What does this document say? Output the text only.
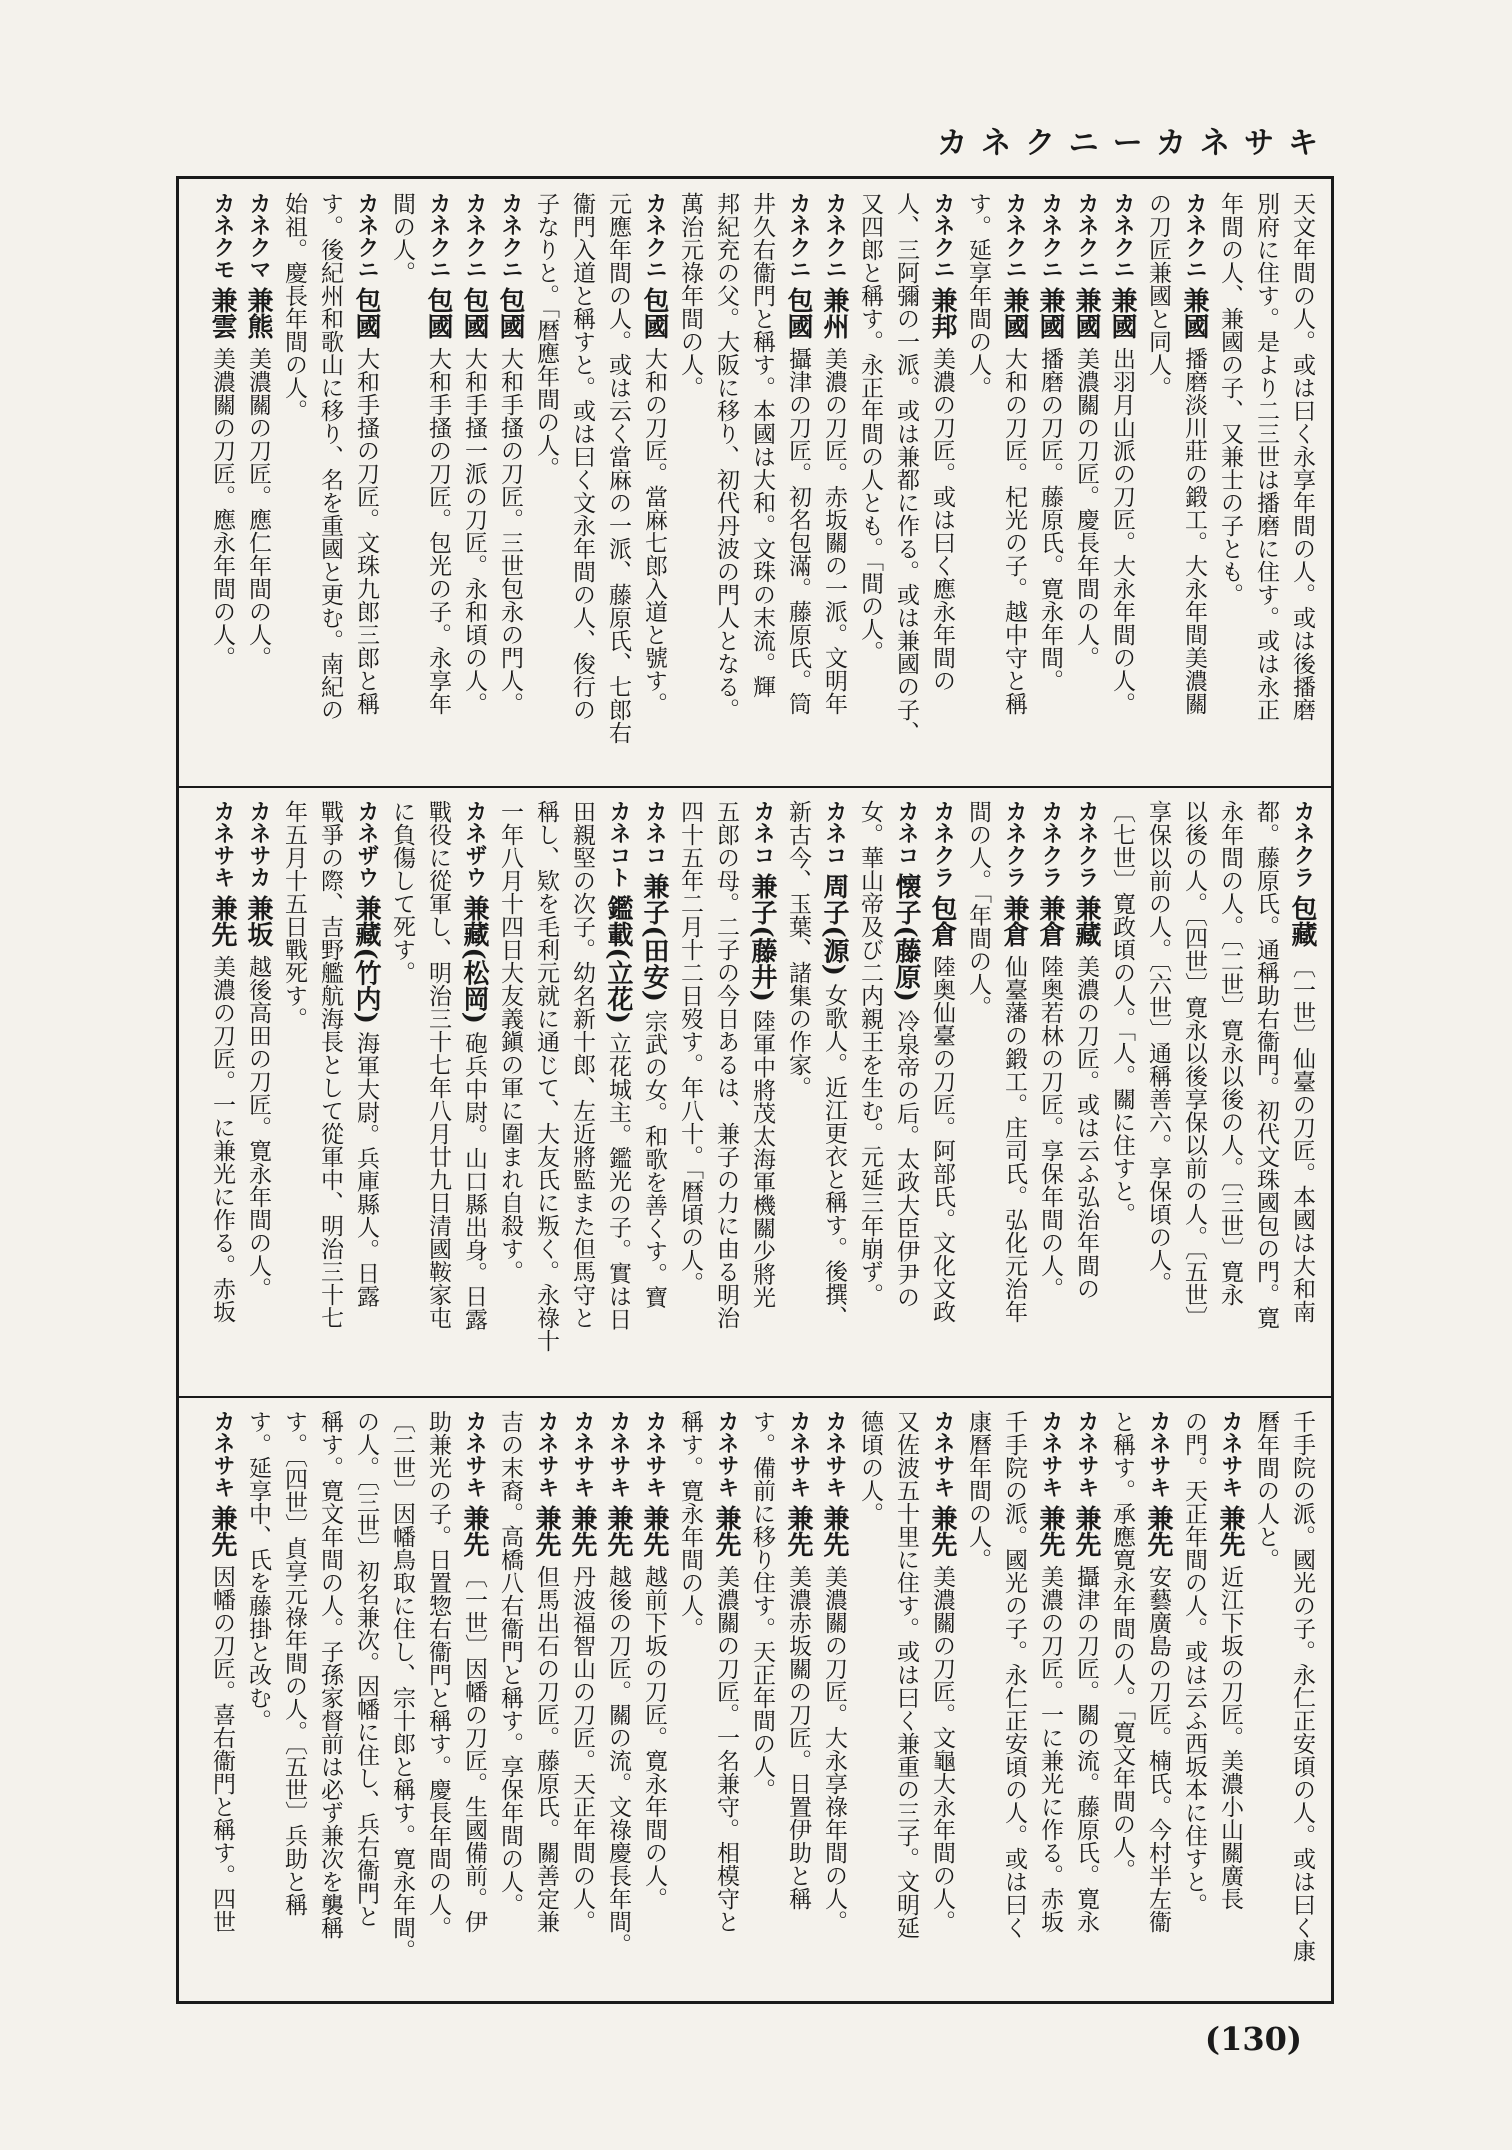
カネクニーカネサキ
天文年間の人。或は曰く永享年間の人。或は後播磨
別府に住す。是より二三世は播磨に住す。或は永正
年間の人、兼國の子、又兼士の子とも。
カネクニ 兼國 播磨淡川莊の鍛工。大永年間美濃關
の刀匠兼國と同人。
カネクニ 兼國 出羽月山派の刀匠。大永年間の人。
カネクニ 兼國 美濃關の刀匠。慶長年間の人。
カネクニ 兼國 播磨の刀匠。藤原氏。寛永年間。
カネクニ 兼國 大和の刀匠。杞光の子。越中守と稱
す。延享年間の人。
カネクニ 兼邦 美濃の刀匠。或は曰く應永年間の
人、三阿彌の一派。或は兼都に作る。或は兼國の子、
又四郎と稱す。永正年間の人とも。「間の人。
カネクニ 兼州 美濃の刀匠。赤坂關の一派。文明年
カネクニ 包國 攝津の刀匠。初名包滿。藤原氏。筒
井久右衞門と稱す。本國は大和。文珠の末流。輝
邦紀充の父。大阪に移り、初代丹波の門人となる。
萬治元祿年間の人。
カネクニ 包國 大和の刀匠。當麻七郎入道と號す。
元應年間の人。或は云く當麻の一派、藤原氏、七郎右
衞門入道と稱すと。或は曰く文永年間の人、俊行の
子なりと。「暦應年間の人。
カネクニ 包國 大和手搔の刀匠。三世包永の門人。
カネクニ 包國 大和手搔一派の刀匠。永和頃の人。
カネクニ 包國 大和手搔の刀匠。包光の子。永享年
間の人。
カネクニ 包國 大和手搔の刀匠。文珠九郎三郎と稱
す。後紀州和歌山に移り、名を重國と更む。南紀の
始祖。慶長年間の人。
カネクマ 兼熊 美濃關の刀匠。應仁年間の人。
カネクモ 兼雲 美濃關の刀匠。應永年間の人。
カネクラ 包藏 〔一世〕仙臺の刀匠。本國は大和南
都。藤原氏。通稱助右衞門。初代文珠國包の門。寛
永年間の人。〔二世〕寛永以後の人。〔三世〕寛永
以後の人。〔四世〕寛永以後享保以前の人。〔五世〕
享保以前の人。〔六世〕通稱善六。享保頃の人。
〔七世〕寛政頃の人。「人。關に住すと。
カネクラ 兼藏 美濃の刀匠。或は云ふ弘治年間の
カネクラ 兼倉 陸奥若林の刀匠。享保年間の人。
カネクラ 兼倉 仙臺藩の鍛工。庄司氏。弘化元治年
間の人。「年間の人。
カネクラ 包倉 陸奥仙臺の刀匠。阿部氏。文化文政
カネコ 懐子(藤原) 冷泉帝の后。太政大臣伊尹の
女。華山帝及び二内親王を生む。元延三年崩ず。
カネコ 周子(源) 女歌人。近江更衣と稱す。後撰、
新古今、玉葉、諸集の作家。
カネコ 兼子(藤井) 陸軍中將茂太海軍機關少將光
五郎の母。二子の今日あるは、兼子の力に由る明治
四十五年二月十二日歿す。年八十。「暦頃の人。
カネコ 兼子(田安) 宗武の女。和歌を善くす。寶
カネコト 鑑載(立花) 立花城主。鑑光の子。實は日
田親堅の次子。幼名新十郎、左近將監また但馬守と
稱し、欵を毛利元就に通じて、大友氏に叛く。永祿十
一年八月十四日大友義鎭の軍に圍まれ自殺す。
カネザウ 兼藏(松岡) 砲兵中尉。山口縣出身。日露
戰役に從軍し、明治三十七年八月廿九日清國鞍家屯
に負傷して死す。
カネザウ 兼藏(竹内) 海軍大尉。兵庫縣人。日露
戰爭の際、吉野艦航海長として從軍中、明治三十七
年五月十五日戰死す。
カネサカ 兼坂 越後高田の刀匠。寛永年間の人。
カネサキ 兼先 美濃の刀匠。一に兼光に作る。赤坂
千手院の派。國光の子。永仁正安頃の人。或は曰く康
曆年間の人と。
カネサキ 兼先 近江下坂の刀匠。美濃小山關廣長
の門。天正年間の人。或は云ふ西坂本に住すと。
カネサキ 兼先 安藝廣島の刀匠。楠氏。今村半左衞
と稱す。承應寛永年間の人。「寛文年間の人。
カネサキ 兼先 攝津の刀匠。關の流。藤原氏。寛永
カネサキ 兼先 美濃の刀匠。一に兼光に作る。赤坂
千手院の派。國光の子。永仁正安頃の人。或は曰く
康曆年間の人。
カネサキ 兼先 美濃關の刀匠。文龜大永年間の人。
又佐波五十里に住す。或は曰く兼重の三子。文明延
德頃の人。
カネサキ 兼先 美濃關の刀匠。大永享祿年間の人。
カネサキ 兼先 美濃赤坂關の刀匠。日置伊助と稱
す。備前に移り住す。天正年間の人。
カネサキ 兼先 美濃關の刀匠。一名兼守。相模守と
稱す。寛永年間の人。
カネサキ 兼先 越前下坂の刀匠。寛永年間の人。
カネサキ 兼先 越後の刀匠。關の流。文祿慶長年間。
カネサキ 兼先 丹波福智山の刀匠。天正年間の人。
カネサキ 兼先 但馬出石の刀匠。藤原氏。關善定兼
吉の末裔。高橋八右衞門と稱す。享保年間の人。
カネサキ 兼先 〔一世〕因幡の刀匠。生國備前。伊
助兼光の子。日置惣右衞門と稱す。慶長年間の人。
〔二世〕因幡鳥取に住し、宗十郎と稱す。寛永年間。
の人。〔三世〕初名兼次。因幡に住し、兵右衞門と
稱す。寛文年間の人。子孫家督前は必ず兼次を襲稱
す。〔四世〕貞享元祿年間の人。〔五世〕兵助と稱
す。延享中、氏を藤掛と改む。
カネサキ 兼先 因幡の刀匠。喜右衞門と稱す。四世
(130)
